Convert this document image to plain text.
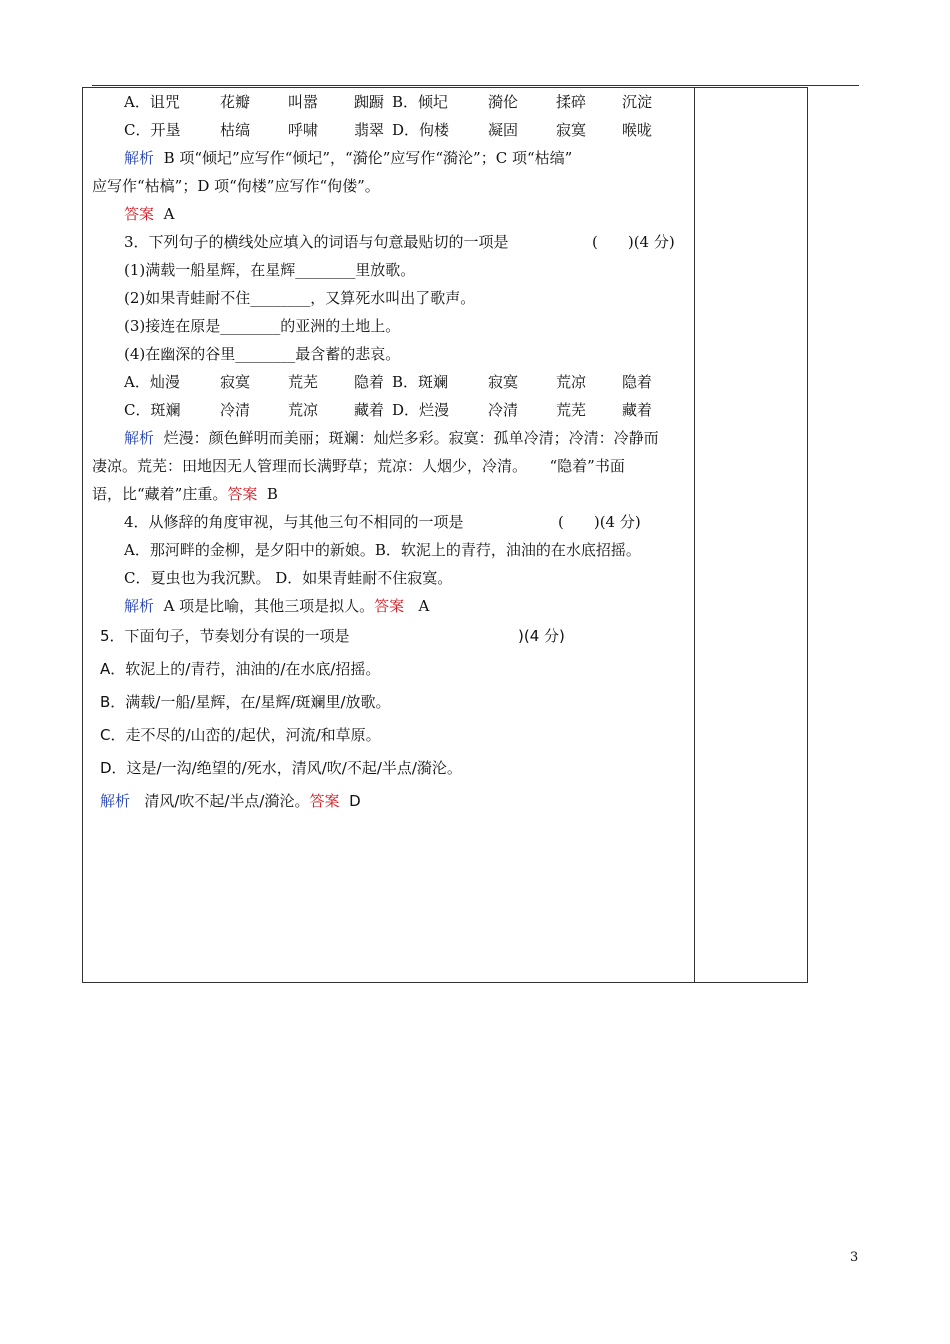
A．诅咒	花瓣	叫嚣 踟蹰 B．倾圮	漪伦	揉碎 沉淀
C．开垦	枯缟	呼啸 翡翠 D．佝楼	凝固	寂寞 喉咙
解析 B 项“倾圮”应写作“倾圮”，“漪伦”应写作“漪沦”；C 项“枯缟”
应写作“枯槁”；D 项“佝楼”应写作“佝偻”。
答案 A
3．下列句子的横线处应填入的词语与句意最贴切的一项是	(　　)(4 分)
(1)满载一船星辉，在星辉________里放歌。
(2)如果青蛙耐不住________，又算死水叫出了歌声。
(3)接连在原是________的亚洲的土地上。
(4)在幽深的谷里________最含蓄的悲哀。
A．灿漫	寂寞	荒芜 隐着 B．斑斓	寂寞	荒凉 隐着
C．斑斓	冷清	荒凉 藏着 D．烂漫	冷清	荒芜 藏着
解析 烂漫：颜色鲜明而美丽；斑斓：灿烂多彩。寂寞：孤单冷清；冷清：冷静而
凄凉。荒芜：田地因无人管理而长满野草；荒凉：人烟少，冷清。　　“隐着”书面
语，比“藏着”庄重。答案 B
4．从修辞的角度审视，与其他三句不相同的一项是	(　　)(4 分)
A．那河畔的金柳，是夕阳中的新娘。B．软泥上的青荇，油油的在水底招摇。
C．夏虫也为我沉默。 D．如果青蛙耐不住寂寞。
解析 A 项是比喻，其他三项是拟人。答案 A
5．下面句子，节奏划分有误的一项是	)(4 分)
A．软泥上的/青荇，油油的/在水底/招摇。
B．满载/一船/星辉，在/星辉/斑斓里/放歌。
C．走不尽的/山峦的/起伏，河流/和草原。
D．这是/一沟/绝望的/死水，清风/吹/不起/半点/漪沦。
解析 清风/吹不起/半点/漪沦。答案 D
3
